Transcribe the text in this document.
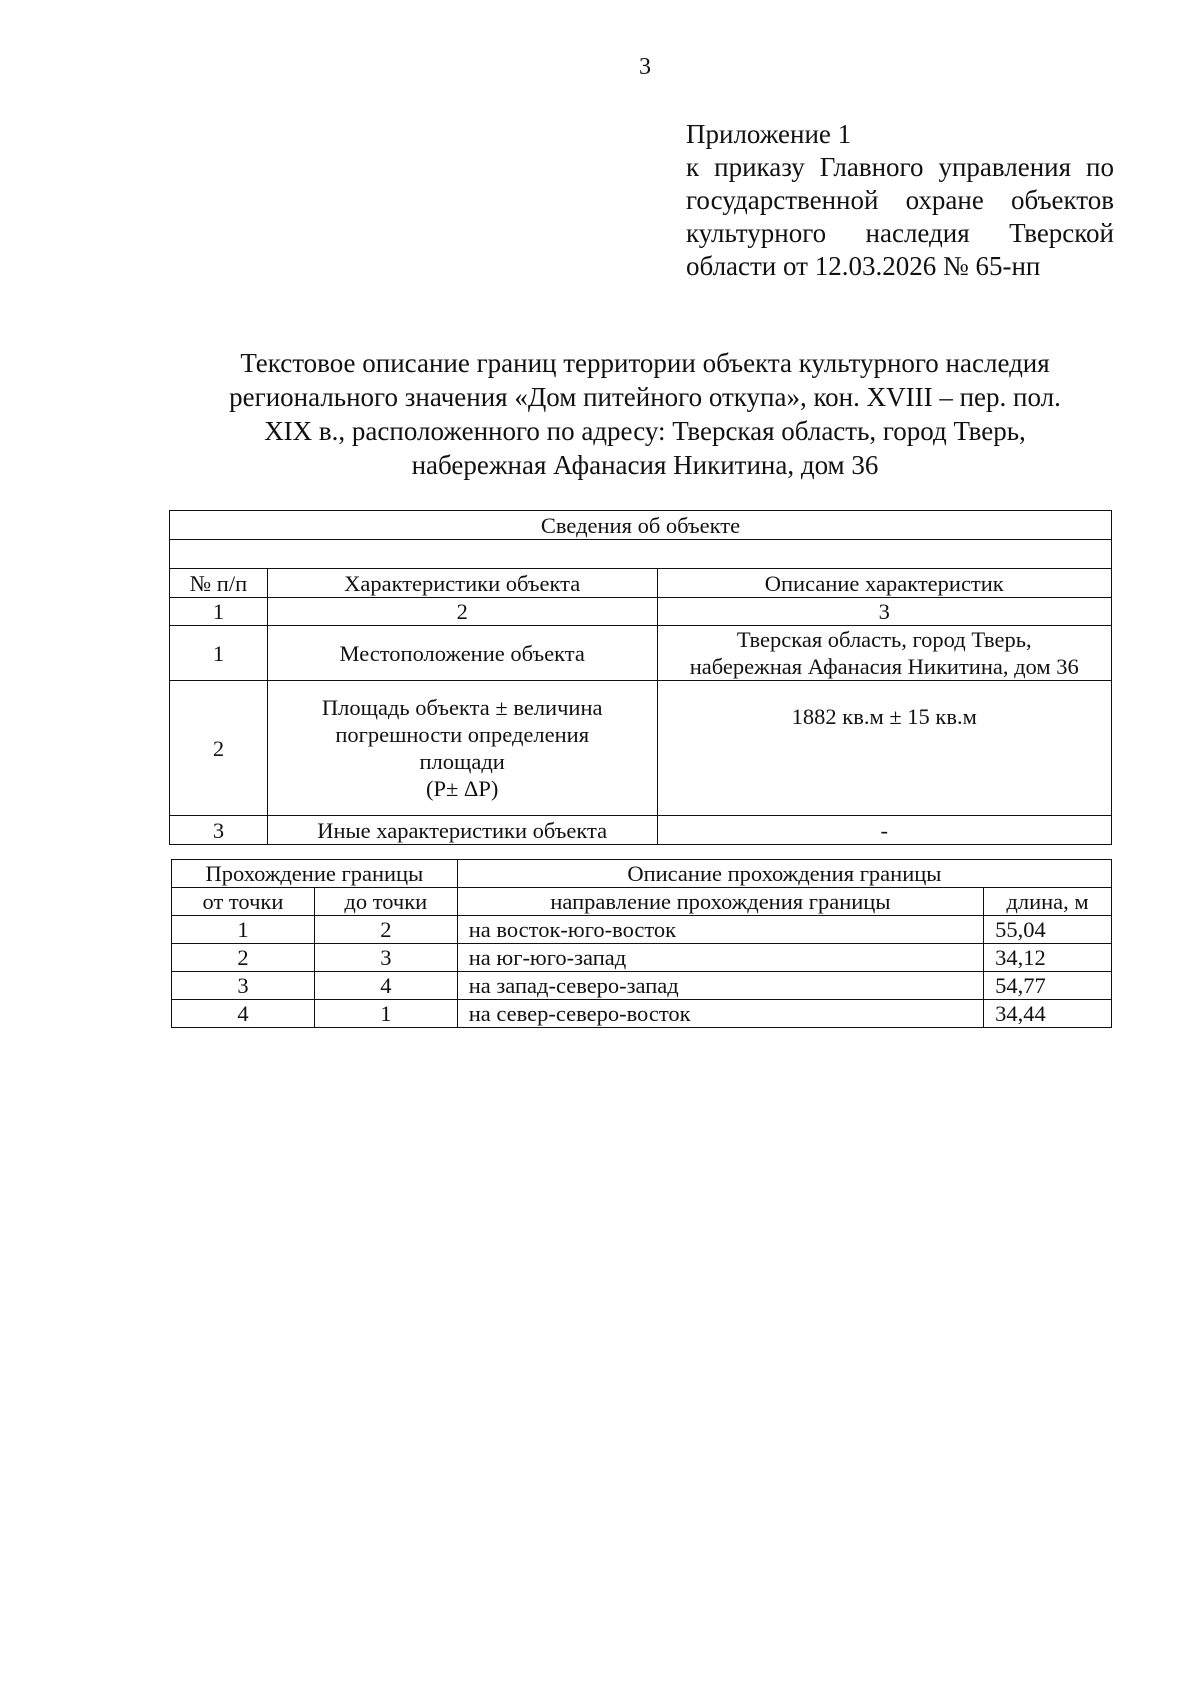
3
Приложение 1
к приказу Главного управления по
государственной охране объектов
культурного наследия Тверской
области от 12.03.2026 № 65-нп
Текстовое описание границ территории объекта культурного наследия
регионального значения «Дом питейного откупа», кон. XVIII – пер. пол.
XIX в., расположенного по адресу: Тверская область, город Тверь,
набережная Афанасия Никитина, дом 36
Сведения об объекте		

№ п/п	Характеристики объекта	Описание характеристик
1	2	3
1	Местоположение объекта	Тверская область, город Тверь,
набережная Афанасия Никитина, дом 36

2	Площадь объекта ± величина
погрешности определения
площади
(P± ΔP)	1882 кв.м ± 15 кв.м
3	Иные характеристики объекта	-
Прохождение границы		Описание прохождения границы	
от точки	до точки	направление прохождения границы	длина, м
1	2	на восток-юго-восток	55,04
2	3	на юг-юго-запад	34,12
3	4	на запад-северо-запад	54,77
4	1	на север-северо-восток	34,44
